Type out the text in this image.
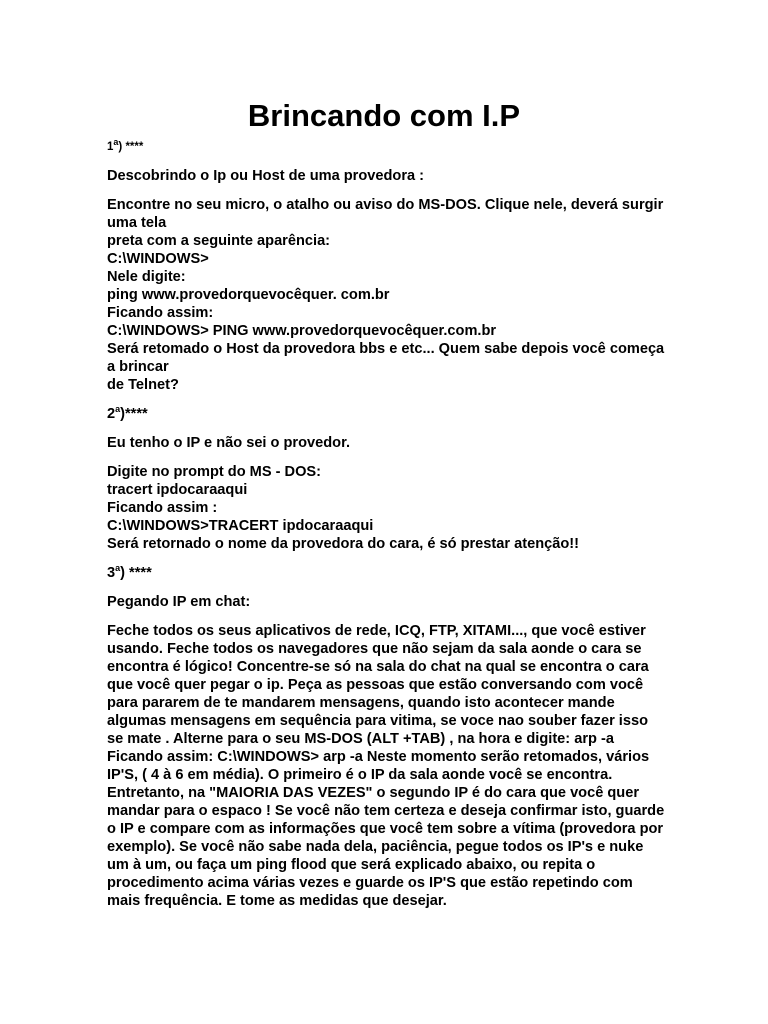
Brincando com I.P

1$^a$) ****

Descobrindo o Ip ou Host de uma provedora :

Encontre no seu micro, o atalho ou aviso do MS-DOS. Clique nele, deverá surgir uma tela
preta com a seguinte aparência:
C:\WINDOWS>
Nele digite:
ping www.provedorquevocêquer. com.br
Ficando assim:
C:\WINDOWS> PING www.provedorquevocêquer.com.br
Será retomado o Host da provedora bbs e etc... Quem sabe depois você começa a brincar
de Telnet?

2$^a$)****

Eu tenho o IP e não sei o provedor.

Digite no prompt do MS - DOS:
tracert ipdocaraaqui
Ficando assim :
C:\WINDOWS>TRACERT ipdocaraaqui
Será retornado o nome da provedora do cara, é só prestar atenção!!

3$^a$) ****

Pegando IP em chat:

Feche todos os seus aplicativos de rede, ICQ, FTP, XITAMI..., que você estiver usando. Feche todos os navegadores que não sejam da sala aonde o cara se encontra é lógico! Concentre-se só na sala do chat na qual se encontra o cara que você quer pegar o ip. Peça as pessoas que estão conversando com você para pararem de te mandarem mensagens, quando isto acontecer mande algumas mensagens em sequência para vitima, se voce nao souber fazer isso se mate . Alterne para o seu MS-DOS (ALT +TAB) , na hora e digite: arp -a Ficando assim: C:\WINDOWS> arp -a Neste momento serão retomados, vários IP'S, ( 4 à 6 em média). O primeiro é o IP da sala aonde você se encontra. Entretanto, na "MAIORIA DAS VEZES" o segundo IP é do cara que você quer mandar para o espaco ! Se você não tem certeza e deseja confirmar isto, guarde o IP e compare com as informações que você tem sobre a vítima (provedora por exemplo). Se você não sabe nada dela, paciência, pegue todos os IP's e nuke um à um, ou faça um ping flood que será explicado abaixo, ou repita o procedimento acima várias vezes e guarde os IP'S que estão repetindo com mais frequência. E tome as medidas que desejar.
